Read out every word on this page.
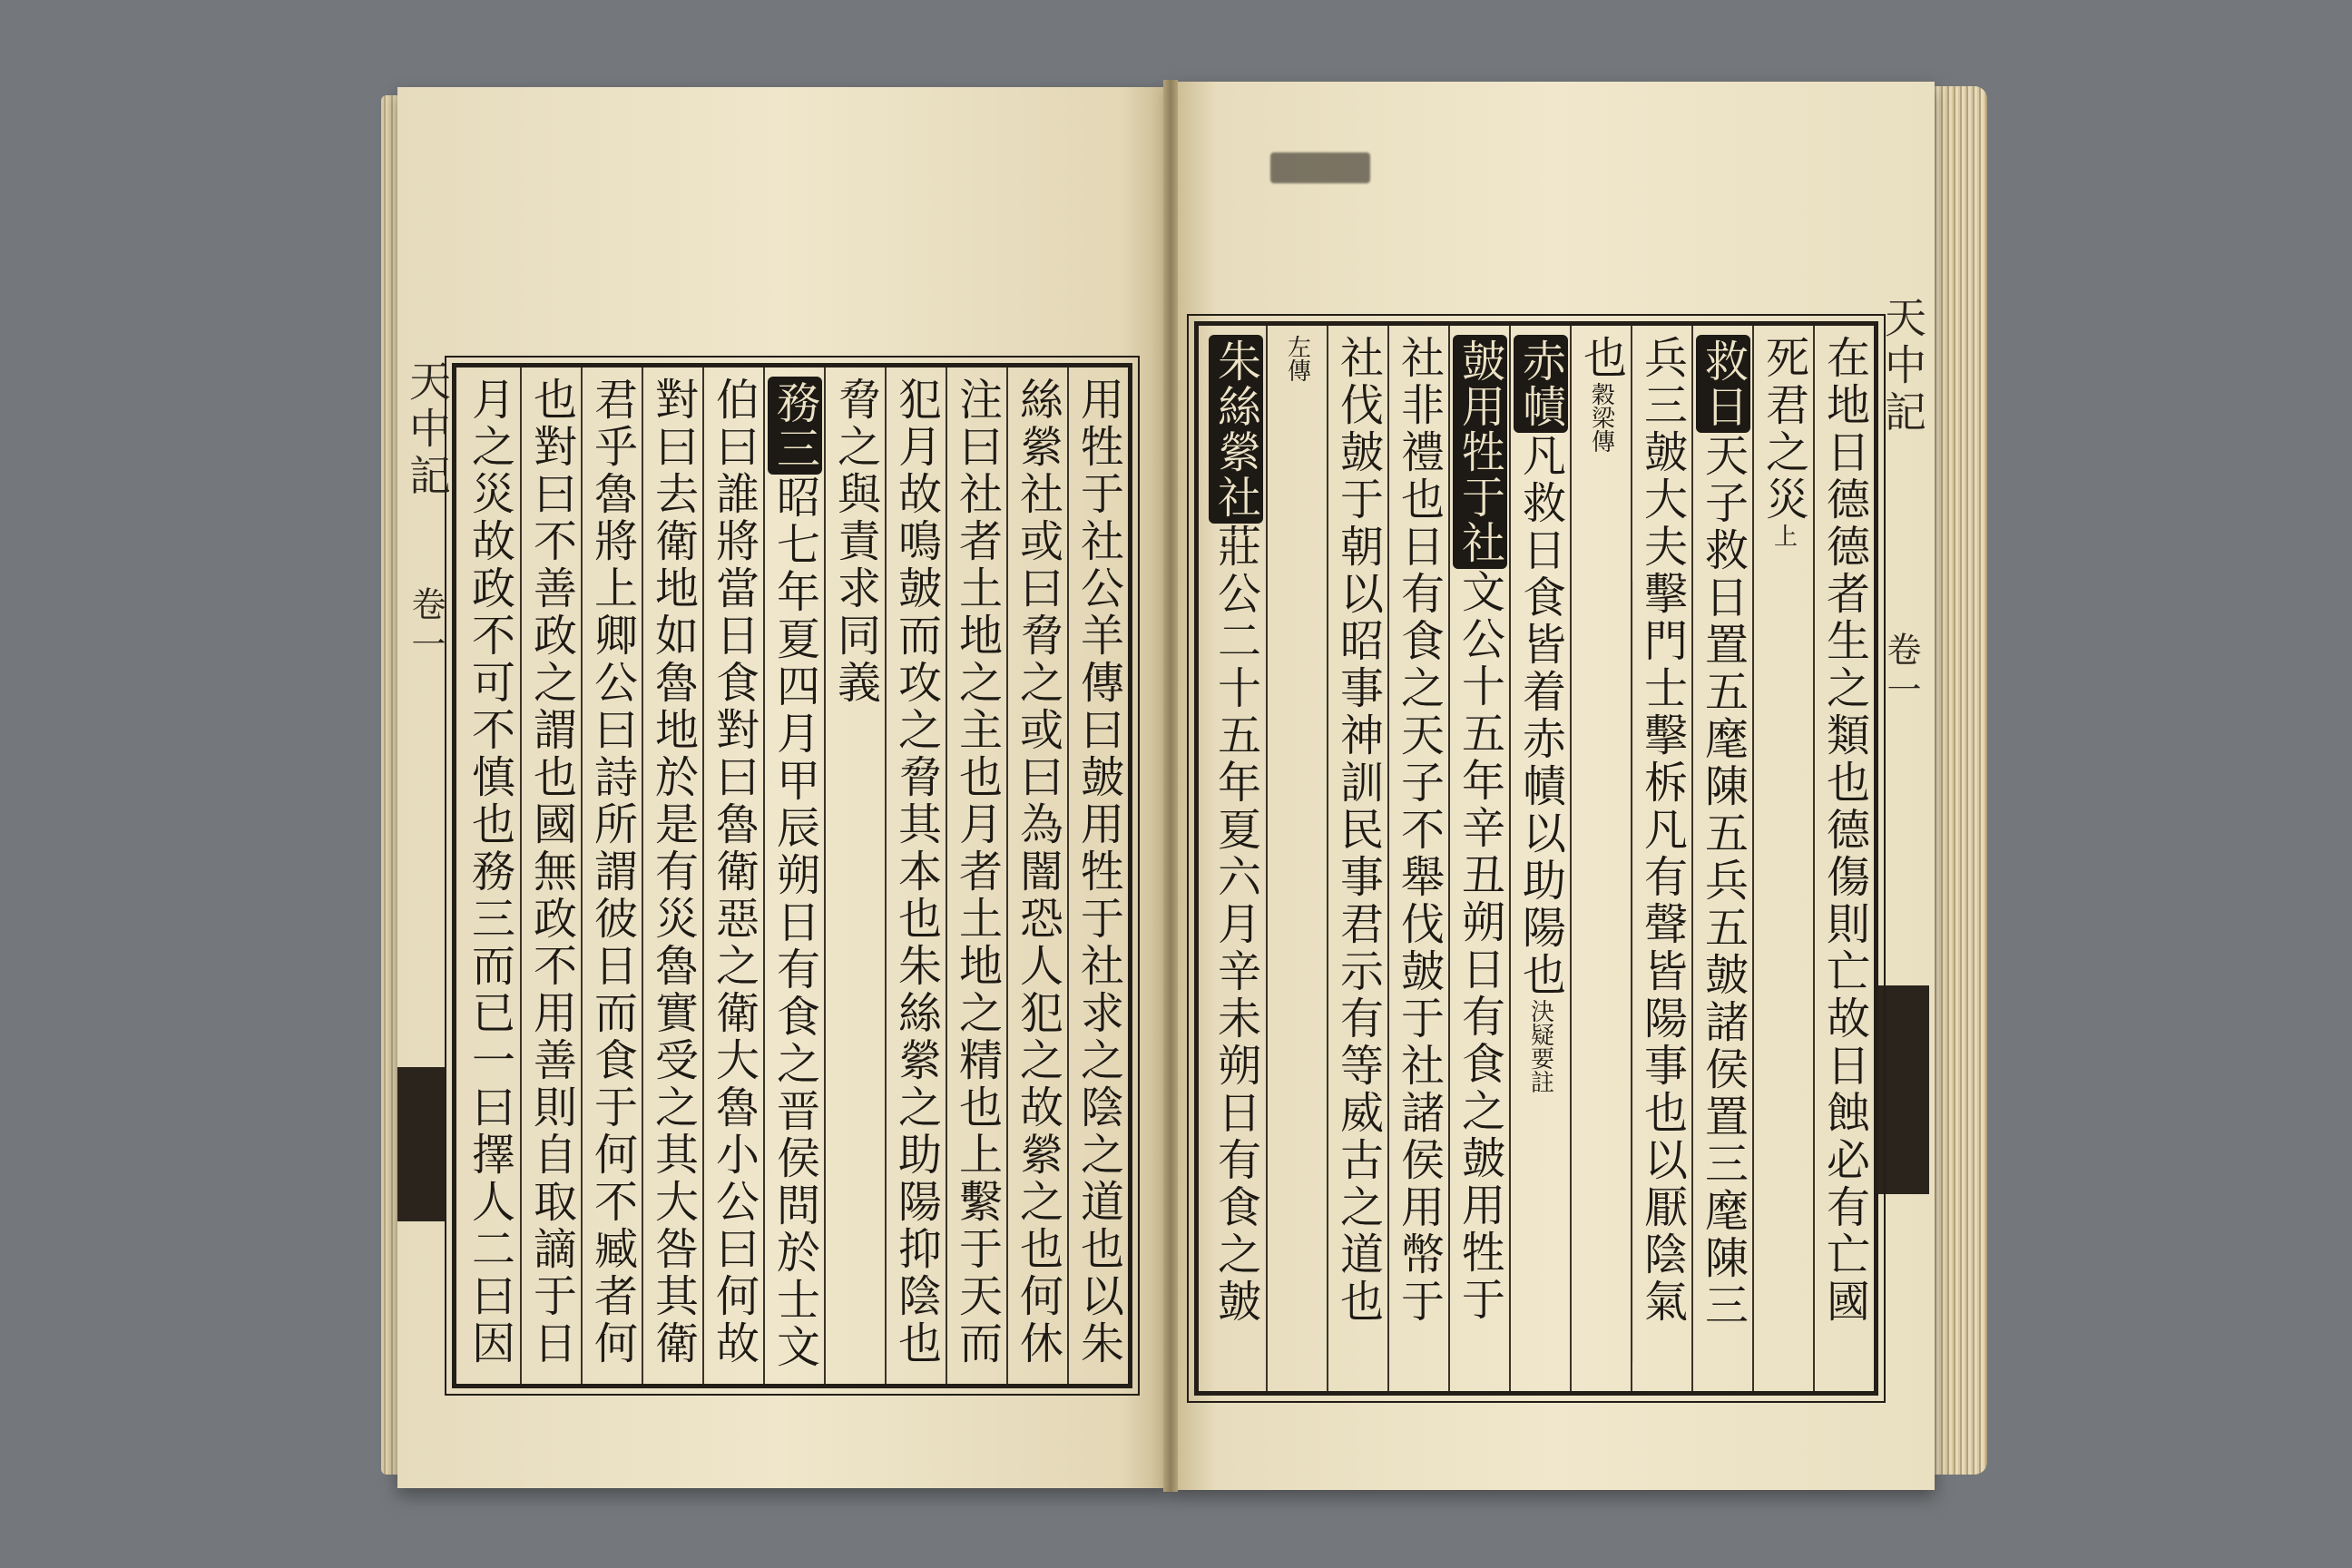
天中記
卷一
天中記
卷一
用牲于社公羊傳曰皷用牲于社求之陰之道也以朱
絲縈社或曰脅之或曰為闇恐人犯之故縈之也何休
注曰社者土地之主也月者土地之精也上繫于天而
犯月故鳴皷而攻之脅其本也朱絲縈之助陽抑陰也
脅之與責求同義
務三昭七年夏四月甲辰朔日有食之晋侯問於士文
伯曰誰將當日食對曰魯衛惡之衛大魯小公曰何故
對曰去衛地如魯地於是有災魯實受之其大咎其衛
君乎魯將上卿公曰詩所謂彼日而食于何不臧者何
也對曰不善政之謂也國無政不用善則自取謫于日
月之災故政不可不慎也務三而已一曰擇人二曰因	在地日德德者生之類也德傷則亡故日蝕必有亡國
死君之災上
救日天子救日置五麾陳五兵五皷諸侯置三麾陳三
兵三皷大夫擊門士擊柝凡有聲皆陽事也以厭陰氣
也穀梁傳
赤幘凡救日食皆着赤幘以助陽也決疑要註
皷用牲于社文公十五年辛丑朔日有食之皷用牲于
社非禮也日有食之天子不舉伐皷于社諸侯用幣于
社伐皷于朝以昭事神訓民事君示有等威古之道也
左傳
朱絲縈社莊公二十五年夏六月辛未朔日有食之皷
